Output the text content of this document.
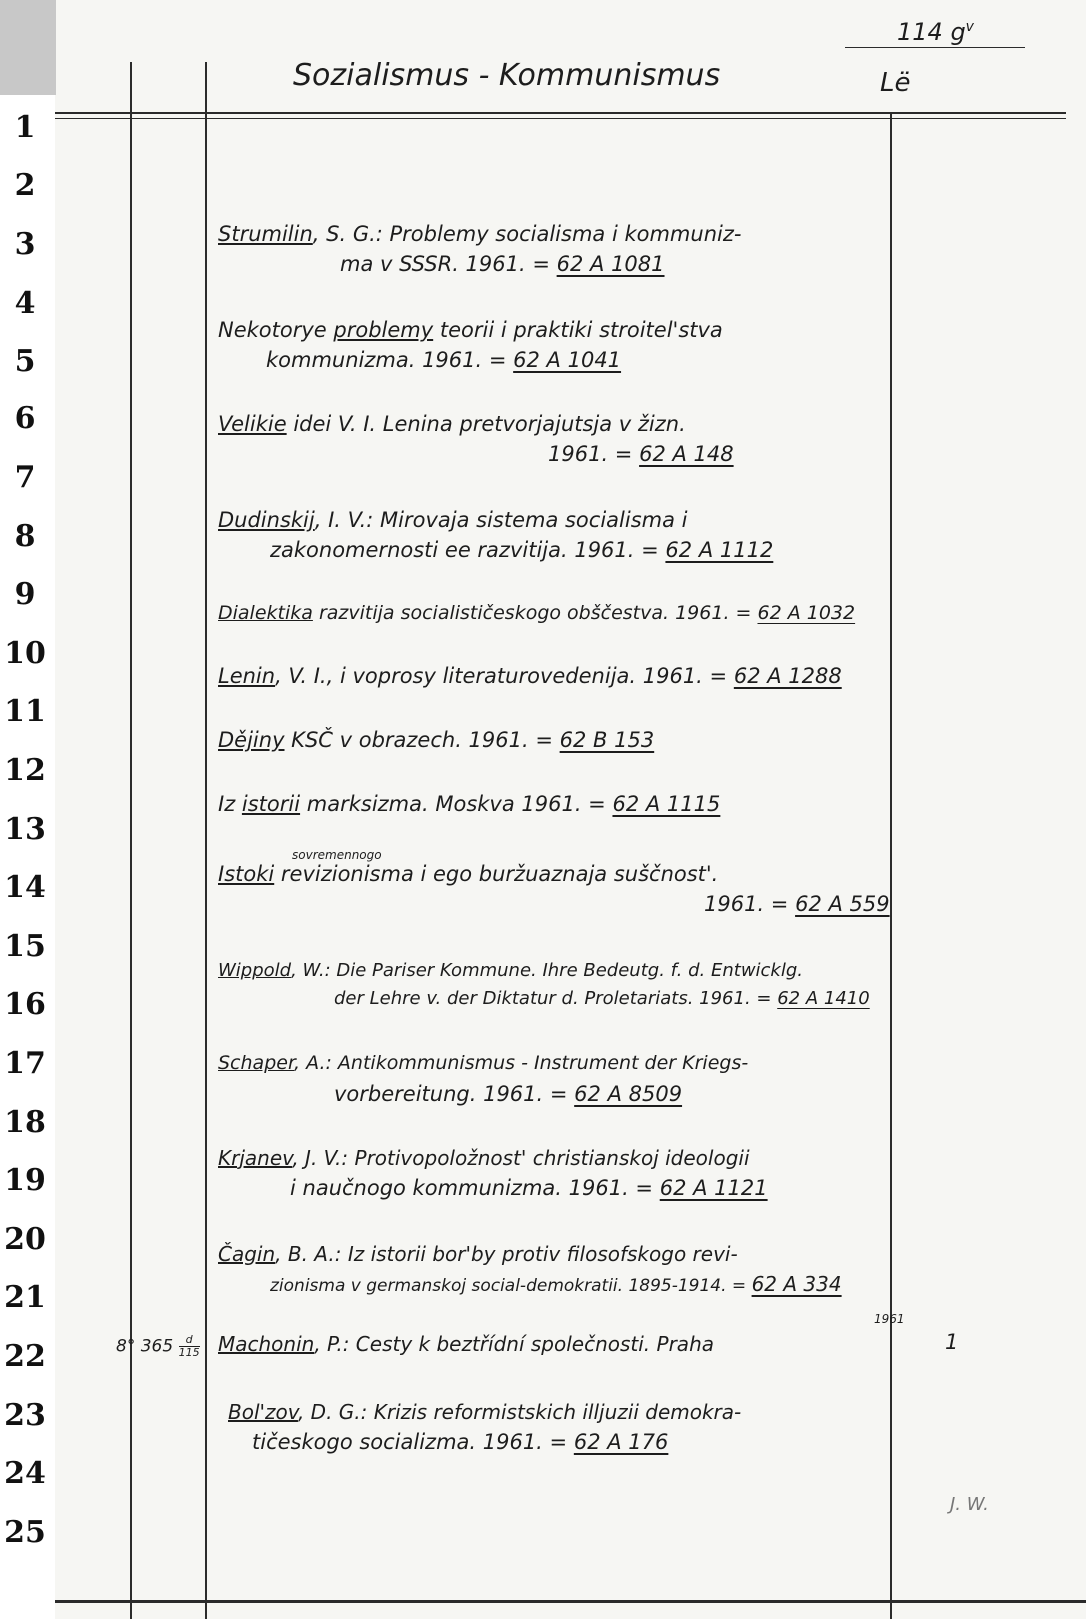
114 $g^v$
Sozialismus - Kommunismus	Lë
1
2
3
4
5
6
7
8
9
10
11
12
13
14
15
16
17
18
19
20
21
22
23
24
25
Strumilin, S. G.: Problemy socialisma i kommuniz-
ma v SSSR. 1961. = 62 A 1081
Nekotorye problemy teorii i praktiki stroitel'stva
kommunizma. 1961. = 62 A 1041
Velikie idei V. I. Lenina pretvorjajutsja v žizn.
1961. = 62 A 148
Dudinskij, I. V.: Mirovaja sistema socialisma i
zakonomernosti ee razvitija. 1961. = 62 A 1112
Dialektika razvitija socialističeskogo obščestva. 1961. = 62 A 1032
Lenin, V. I., i voprosy literaturovedenija. 1961. = 62 A 1288
Dějiny KSČ v obrazech. 1961. = 62 B 153
Iz istorii marksizma. Moskva 1961. = 62 A 1115
sovremennogo
Istoki revizionisma i ego buržuaznaja suščnost'.
1961. = 62 A 559
Wippold, W.: Die Pariser Kommune. Ihre Bedeutg. f. d. Entwicklg.
der Lehre v. der Diktatur d. Proletariats. 1961. = 62 A 1410
Schaper, A.: Antikommunismus - Instrument der Kriegs-
vorbereitung. 1961. = 62 A 8509
Krjanev, J. V.: Protivopoložnost' christianskoj ideologii
i naučnogo kommunizma. 1961. = 62 A 1121
Čagin, B. A.: Iz istorii bor'by protiv filosofskogo revi-
zionisma v germanskoj social-demokratii. 1895-1914. = 62 A 334
8° $365 \frac{d}{115}$
1961
Machonin, P.: Cesty k beztřídní společnosti. Praha	1
Bol'zov, D. G.: Krizis reformistskich illjuzii demokra-
tičeskogo socializma. 1961. = 62 A 176
J. W.
